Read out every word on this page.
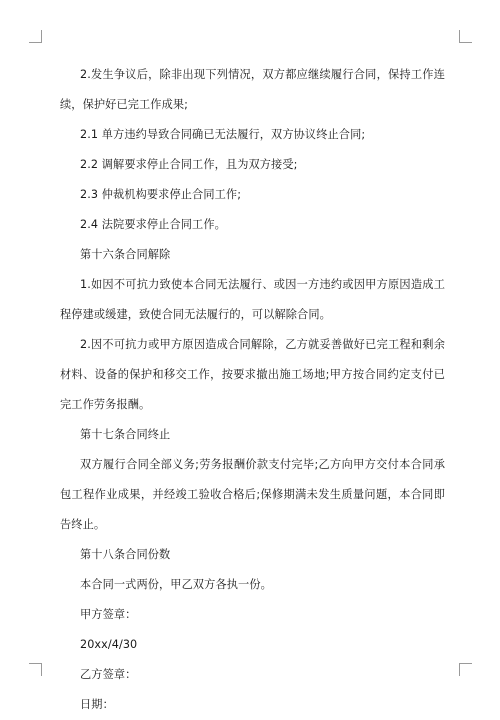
2.发生争议后，除非出现下列情况，双方都应继续履行合同，保持工作连续，保护好已完工作成果;

2.1 单方违约导致合同确已无法履行，双方协议终止合同;

2.2 调解要求停止合同工作，且为双方接受;

2.3 仲裁机构要求停止合同工作;

2.4 法院要求停止合同工作。

第十六条合同解除

1.如因不可抗力致使本合同无法履行、或因一方违约或因甲方原因造成工程停建或缓建，致使合同无法履行的，可以解除合同。

2.因不可抗力或甲方原因造成合同解除，乙方就妥善做好已完工程和剩余材料、设备的保护和移交工作，按要求撤出施工场地;甲方按合同约定支付已完工作劳务报酬。

第十七条合同终止

双方履行合同全部义务;劳务报酬价款支付完毕;乙方向甲方交付本合同承包工程作业成果，并经竣工验收合格后;保修期满未发生质量问题，本合同即告终止。

第十八条合同份数

本合同一式两份，甲乙双方各执一份。

甲方签章：

20xx/4/30

乙方签章：

日期：
